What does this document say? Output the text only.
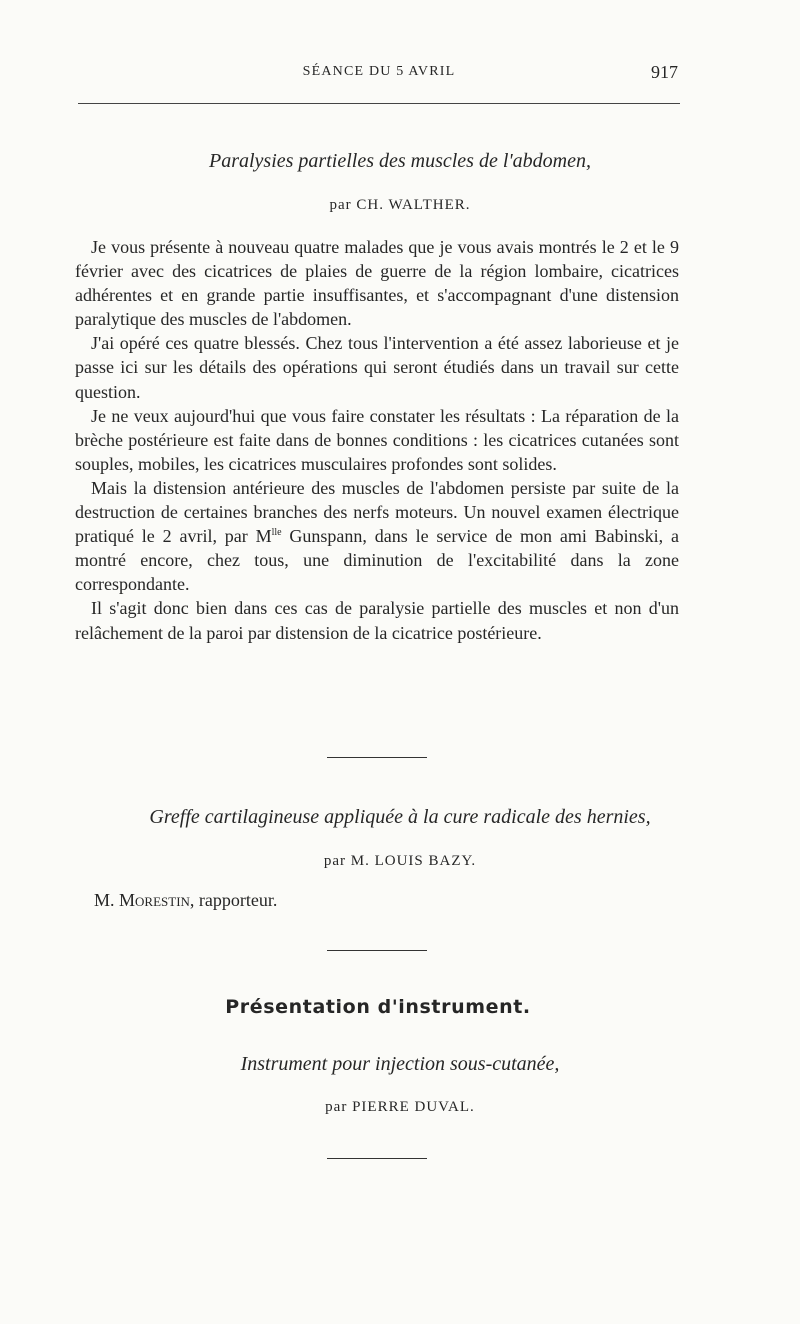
SÉANCE DU 5 AVRIL	917
Paralysies partielles des muscles de l'abdomen,
par CH. WALTHER.

Je vous présente à nouveau quatre malades que je vous avais montrés le 2 et le 9 février avec des cicatrices de plaies de guerre de la région lombaire, cicatrices adhérentes et en grande partie insuffisantes, et s'accompagnant d'une distension paralytique des muscles de l'abdomen.

J'ai opéré ces quatre blessés. Chez tous l'intervention a été assez laborieuse et je passe ici sur les détails des opérations qui seront étudiés dans un travail sur cette question.

Je ne veux aujourd'hui que vous faire constater les résultats : La réparation de la brèche postérieure est faite dans de bonnes conditions : les cicatrices cutanées sont souples, mobiles, les cicatrices musculaires profondes sont solides.

Mais la distension antérieure des muscles de l'abdomen persiste par suite de la destruction de certaines branches des nerfs moteurs. Un nouvel examen électrique pratiqué le 2 avril, par $M^{lle}$ Gunspann, dans le service de mon ami Babinski, a montré encore, chez tous, une diminution de l'excitabilité dans la zone correspondante.

Il s'agit donc bien dans ces cas de paralysie partielle des muscles et non d'un relâchement de la paroi par distension de la cicatrice postérieure.

Greffe cartilagineuse appliquée à la cure radicale des hernies,
par M. LOUIS BAZY.
M. Morestin, rapporteur.
Présentation d'instrument.
Instrument pour injection sous-cutanée,
par PIERRE DUVAL.
